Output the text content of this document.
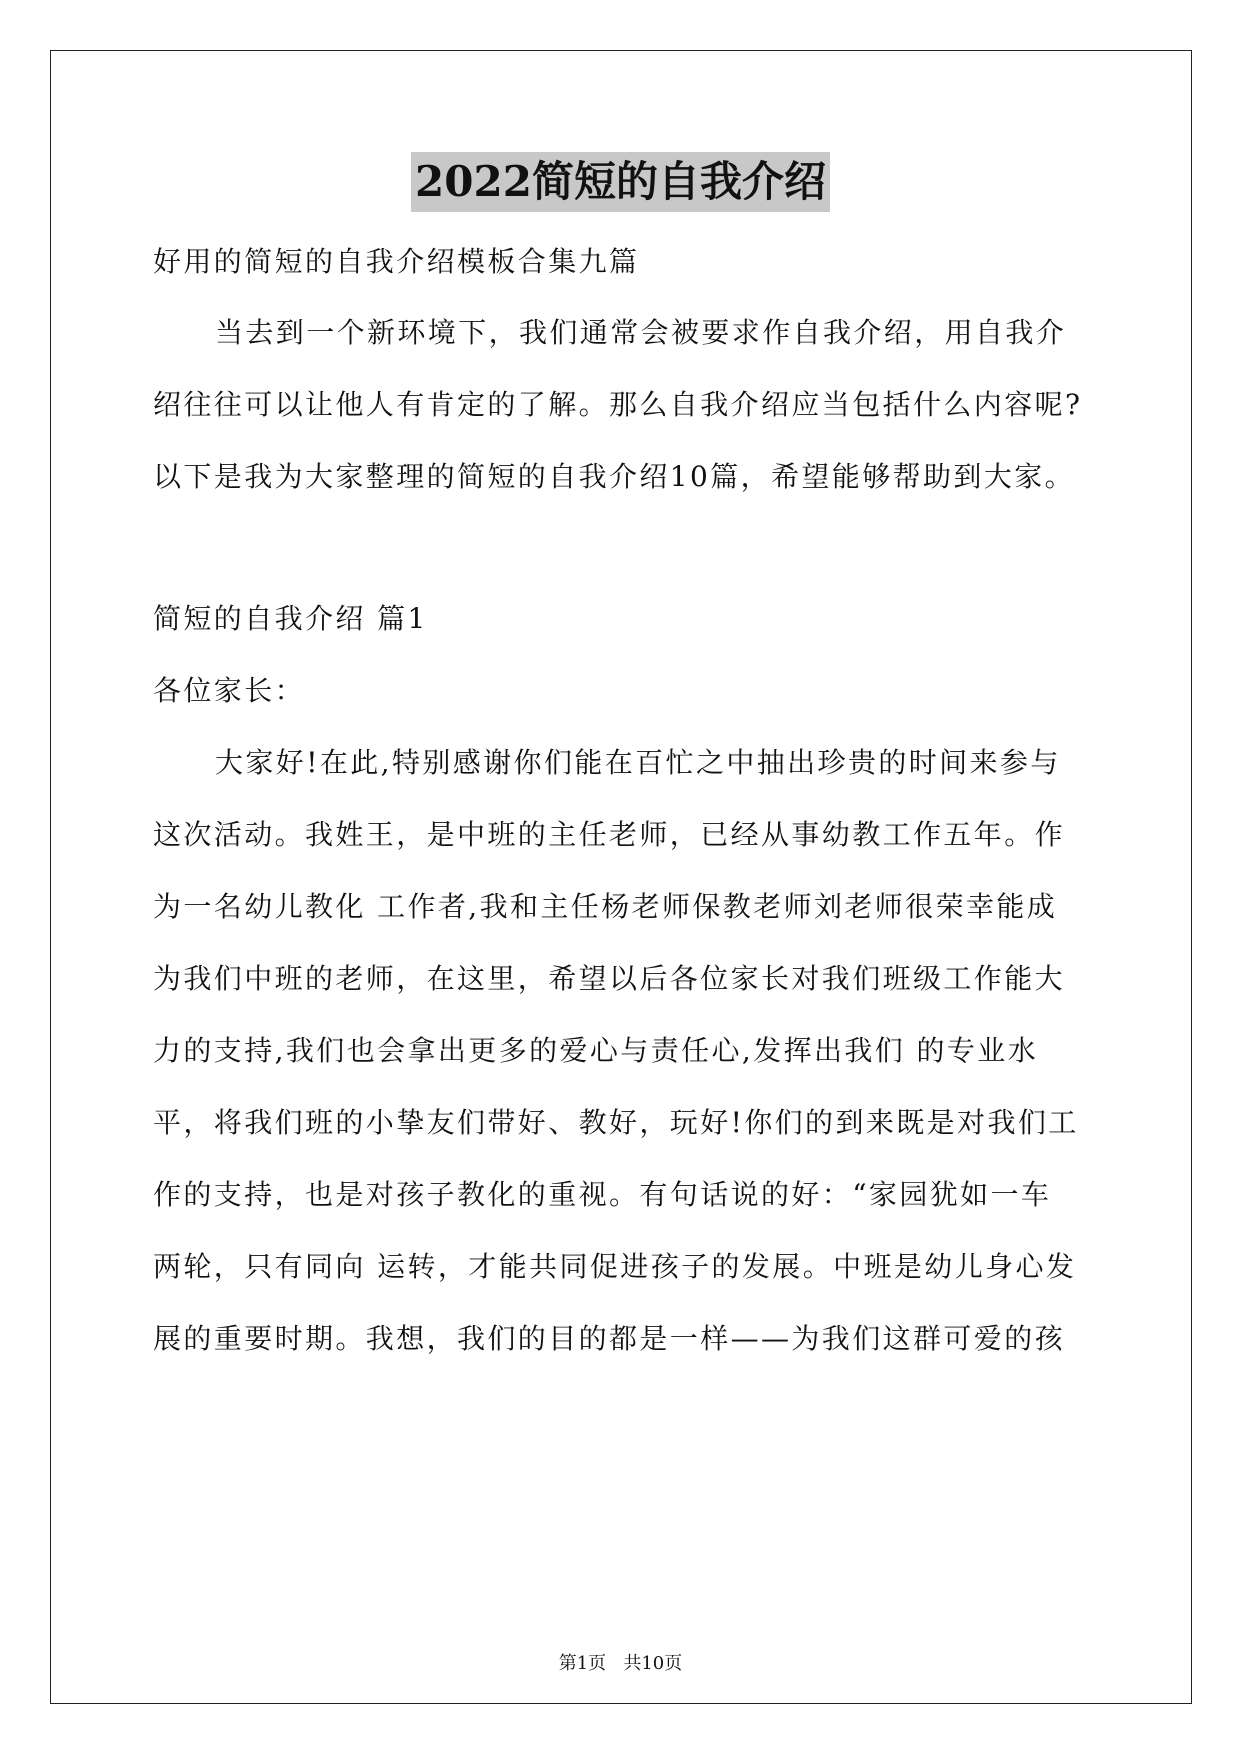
2022简短的自我介绍
好用的简短的自我介绍模板合集九篇
当去到一个新环境下，我们通常会被要求作自我介绍，用自我介
绍往往可以让他人有肯定的了解。那么自我介绍应当包括什么内容呢?
以下是我为大家整理的简短的自我介绍10篇，希望能够帮助到大家。
简短的自我介绍 篇1
各位家长：
大家好!在此,特别感谢你们能在百忙之中抽出珍贵的时间来参与
这次活动。我姓王，是中班的主任老师，已经从事幼教工作五年。作
为一名幼儿教化 工作者,我和主任杨老师保教老师刘老师很荣幸能成
为我们中班的老师，在这里，希望以后各位家长对我们班级工作能大
力的支持,我们也会拿出更多的爱心与责任心,发挥出我们 的专业水
平，将我们班的小挚友们带好、教好，玩好!你们的到来既是对我们工
作的支持，也是对孩子教化的重视。有句话说的好：“家园犹如一车
两轮，只有同向 运转，才能共同促进孩子的发展。中班是幼儿身心发
展的重要时期。我想，我们的目的都是一样——为我们这群可爱的孩
第1页   共10页
